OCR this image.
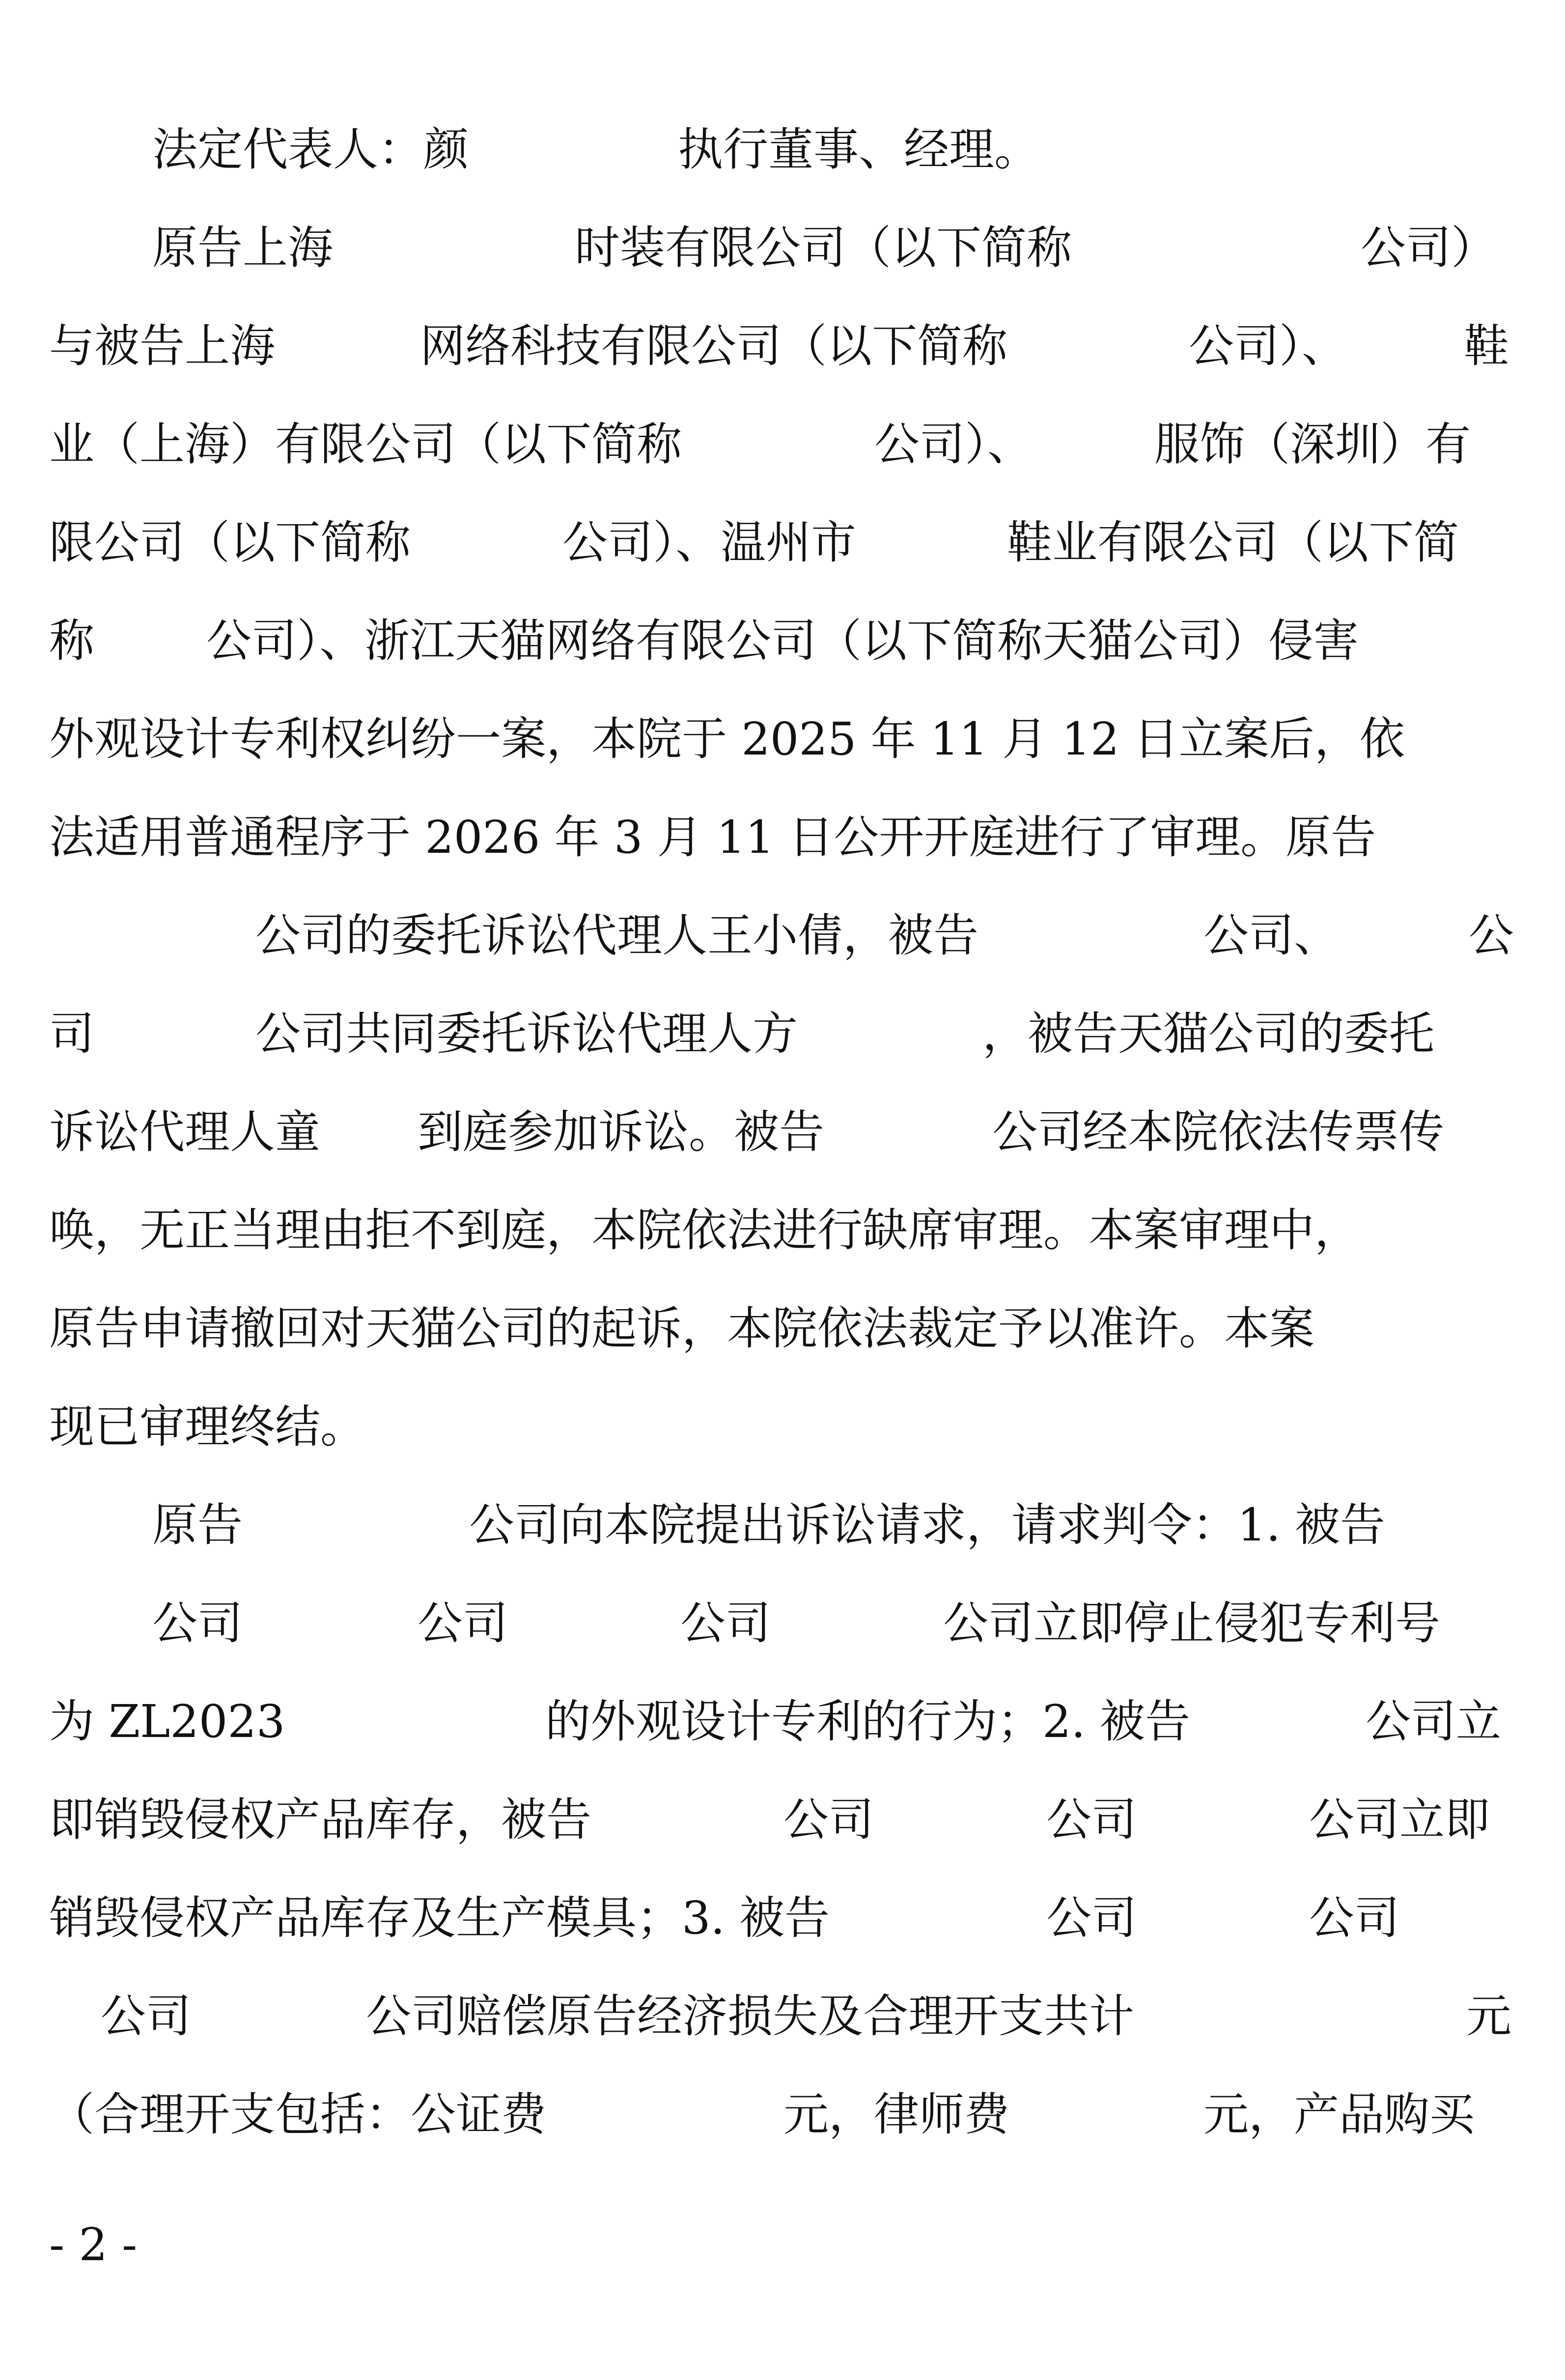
法定代表人：颜

	执行董事、经理。

原告上海

	时装有限公司（以下简称

	公司）

与被告上海

	网络科技有限公司（以下简称

	公司）、

	鞋

业（上海）有限公司（以下简称

	公司）、

	服饰（深圳）有

限公司（以下简称

	公司）、温州市

	鞋业有限公司（以下简

称

公司）、浙江天猫网络有限公司（以下简称天猫公司）侵害

外观设计专利权纠纷一案，本院于 2025 年 11 月 12 日立案后，依

法适用普通程序于 2026 年 3 月 11 日公开开庭进行了审理。原告

公司的委托诉讼代理人王小倩，被告

	公司、

	公

司

	公司共同委托诉讼代理人方

	，被告天猫公司的委托

诉讼代理人童

到庭参加诉讼。被告

	公司经本院依法传票传

唤，无正当理由拒不到庭，本院依法进行缺席审理。本案审理中，

原告申请撤回对天猫公司的起诉，本院依法裁定予以准许。本案

现已审理终结。

原告

	公司向本院提出诉讼请求，请求判令：1. 被告

公司

	公司

	公司

	公司立即停止侵犯专利号

为 ZL2023

	的外观设计专利的行为；2. 被告

	公司立

即销毁侵权产品库存，被告

	公司

	公司

	公司立即

销毁侵权产品库存及生产模具；3. 被告

	公司

	公司

公司

	公司赔偿原告经济损失及合理开支共计

	元

（合理开支包括：公证费

	元，律师费

	元，产品购买

- 2 -
